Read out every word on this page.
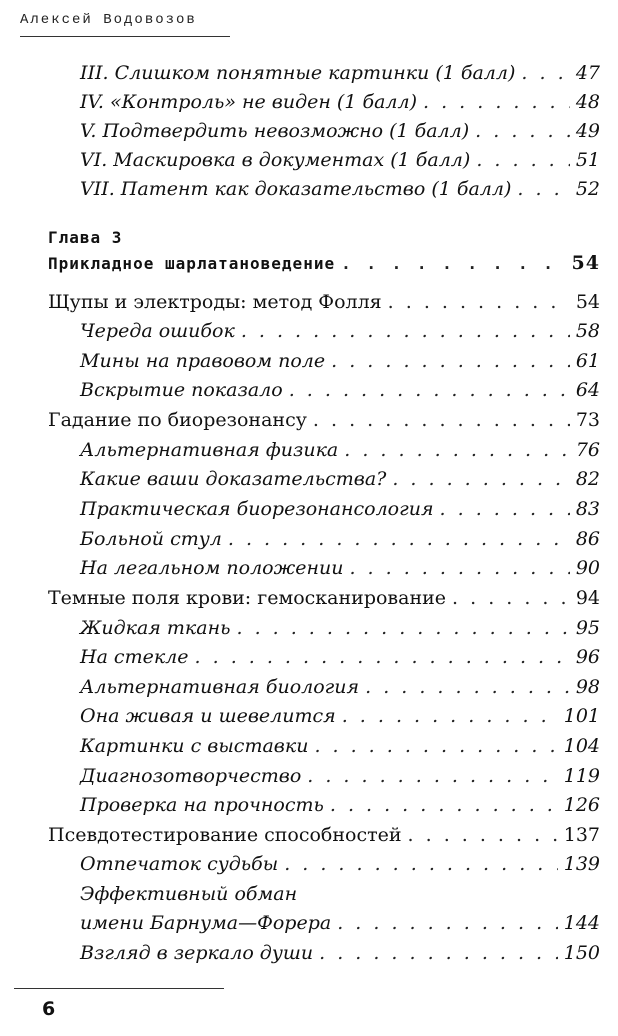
Алексей Водовозов
III. Слишком понятные картинки (1 балл) . . .	47
IV. «Контроль» не виден (1 балл) . . .	48
V. Подтвердить невозможно (1 балл) . . .	49
VI. Маскировка в документах (1 балл) . . .	51
VII. Патент как доказательство (1 балл) . . .	52
Глава 3
Прикладное шарлатановедение . . .	54
Щупы и электроды: метод Фолля . . .	54
Череда ошибок . . .	58
Мины на правовом поле . . .	61
Вскрытие показало . . .	64
Гадание по биорезонансу . . .	73
Альтернативная физика . . .	76
Какие ваши доказательства? . . .	82
Практическая биорезонансология . . .	83
Больной стул . . .	86
На легальном положении . . .	90
Темные поля крови: гемосканирование . . .	94
Жидкая ткань . . .	95
На стекле . . .	96
Альтернативная биология . . .	98
Она живая и шевелится . . .	101
Картинки с выставки . . .	104
Диагнозотворчество . . .	119
Проверка на прочность . . .	126
Псевдотестирование способностей . . .	137
Отпечаток судьбы . . .	139
Эффективный обман
имени Барнума—Форера . . .	144
Взгляд в зеркало души . . .	150
6
